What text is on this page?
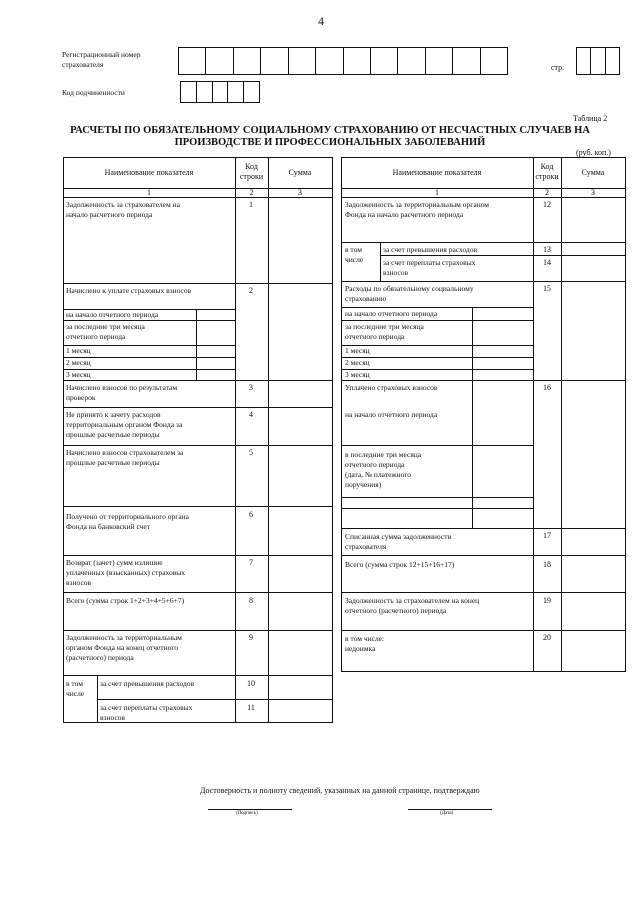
4
Регистрационный номер
страхователя	стр.
Код подчиненности
Таблица 2
РАСЧЕТЫ ПО ОБЯЗАТЕЛЬНОМУ СОЦИАЛЬНОМУ СТРАХОВАНИЮ ОТ НЕСЧАСТНЫХ СЛУЧАЕВ НА
ПРОИЗВОДСТВЕ И ПРОФЕССИОНАЛЬНЫХ ЗАБОЛЕВАНИЙ
(руб. коп.)
Наименование показателя
Код
строки	Сумма
1	2	3
Задолженность за страхователем на
начало расчетного периода
1
Начислено к уплате страховых взносов	2
на начало отчетного периода
за последние три месяца
отчетного периода
1 месяц
2 месяц
3 месяц
Начислено взносов по результатам
проверок
3
Не принято к зачету расходов
территориальным органом Фонда за
прошлые расчетные периоды
4
Начислено взносов страхователем за
прошлые расчетные периоды
5
Получено от территориального органа
Фонда на банковский счет
6
Возврат (зачет) сумм излишне
уплаченных (взысканных) страховых
взносов
7
Всего (сумма строк 1+2+3+4+5+6+7)	8
Задолженность за территориальным
органом Фонда на конец отчетного
(расчетного) периода
9
в том
числе
за счет превышения расходов	10
за счет переплаты страховых
взносов
11
Наименование показателя
Код
строки	Сумма
1	2	3
Задолженность за территориальным органом
Фонда на начало расчетного периода
12
в том
числе
за счет превышения расходов	13
за счет переплаты страховых
взносов
14
Расходы по обязательному социальному
страхованию
15
на начало отчетного периода
за последние три месяца
отчетного периода
1 месяц
2 месяц
3 месяц
Уплачено страховых взносов	16
на начало отчетного периода
в последние три месяца
отчетного периода
(дата, № платежного
поручения)
Списанная сумма задолженности
страхователя
17
Всего (сумма строк 12+15+16+17)	18
Задолженность за страхователем на конец
отчетного (расчетного) периода
19
в том числе:
недоимка
20
Достоверность и полноту сведений, указанных на данной странице, подтверждаю
(Подпись)	(Дата)
